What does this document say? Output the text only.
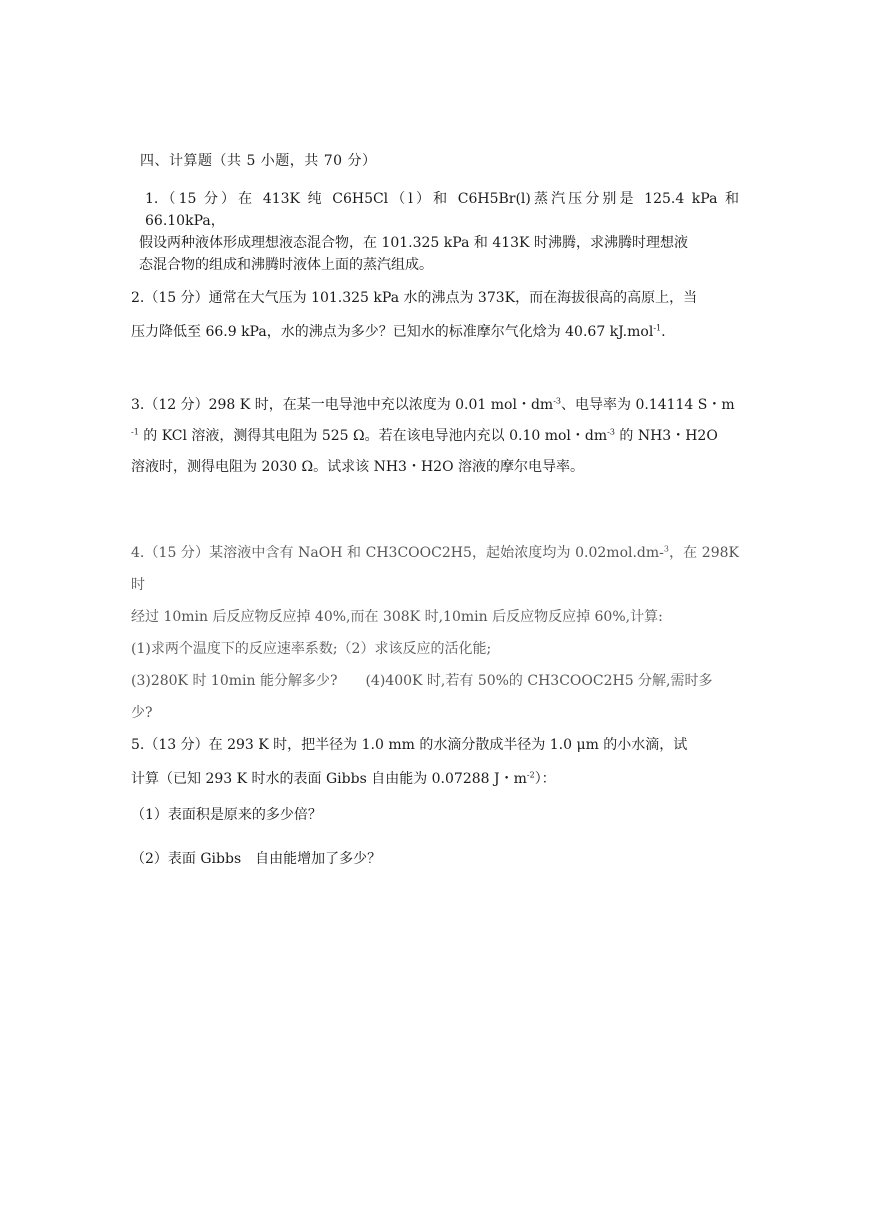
四、计算题（共 5 小题，共 70 分）

1.（15 分）在 413K 纯 C6H5Cl（l）和 C6H5Br(l)蒸汽压分别是 125.4 kPa 和 66.10kPa，

假设两种液体形成理想液态混合物，在 101.325 kPa 和 413K 时沸腾，求沸腾时理想液

态混合物的组成和沸腾时液体上面的蒸汽组成。

2.（15 分）通常在大气压为 101.325 kPa 水的沸点为 373K，而在海拔很高的高原上，当

压力降低至 66.9 kPa，水的沸点为多少？已知水的标准摩尔气化焓为 40.67 kJ.mol$^{-1}$.

3.（12 分）298 K 时，在某一电导池中充以浓度为 0.01 mol・$dm^{-3}$、电导率为 0.14114 S・m

$^{-1}$ 的 KCl 溶液，测得其电阻为 525 Ω。若在该电导池内充以 0.10 mol・$dm^{-3}$ 的 NH3・H2O

溶液时，测得电阻为 2030 Ω。试求该 NH3・H2O 溶液的摩尔电导率。

4.（15 分）某溶液中含有 NaOH 和 CH3COOC2H5，起始浓度均为 0.02mol.dm-$^3$，在 298K 时

经过 10min 后反应物反应掉 40%,而在 308K 时,10min 后反应物反应掉 60%,计算:

(1)求两个温度下的反应速率系数;（2）求该反应的活化能;

(3)280K 时 10min 能分解多少?　　(4)400K 时,若有 50%的 CH3COOC2H5 分解,需时多

少?

5.（13 分）在 293 K 时，把半径为 1.0 mm 的水滴分散成半径为 1.0 μm 的小水滴，试

计算（已知 293 K 时水的表面 Gibbs 自由能为 0.07288 J・$m^{-2}$）：

（1）表面积是原来的多少倍？

（2）表面 Gibbs　自由能增加了多少？
